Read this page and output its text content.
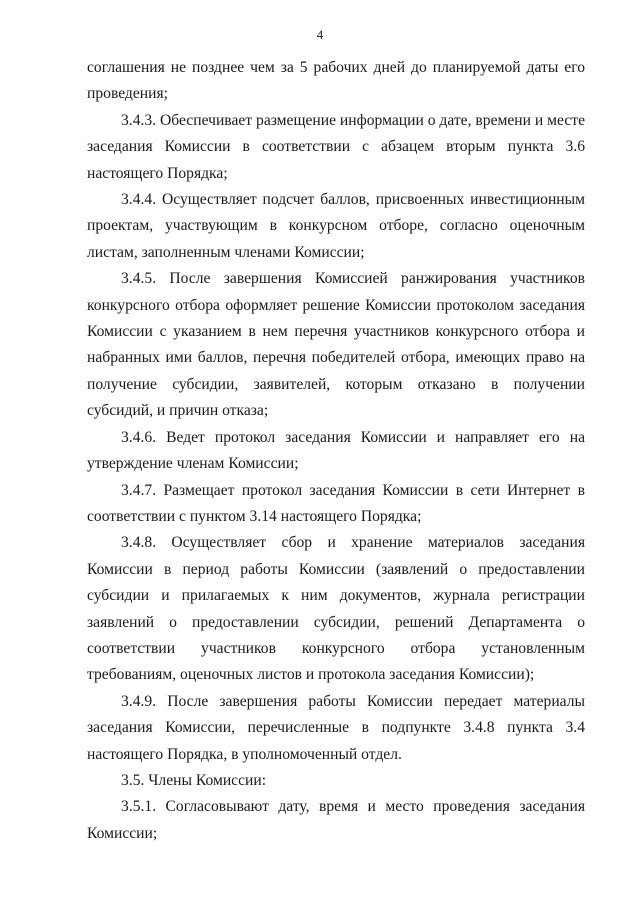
4

соглашения не позднее чем за 5 рабочих дней до планируемой даты его проведения;

3.4.3. Обеспечивает размещение информации о дате, времени и месте заседания Комиссии в соответствии с абзацем вторым пункта 3.6 настоящего Порядка;

3.4.4. Осуществляет подсчет баллов, присвоенных инвестиционным проектам, участвующим в конкурсном отборе, согласно оценочным листам, заполненным членами Комиссии;

3.4.5. После завершения Комиссией ранжирования участников конкурсного отбора оформляет решение Комиссии протоколом заседания Комиссии с указанием в нем перечня участников конкурсного отбора и набранных ими баллов, перечня победителей отбора, имеющих право на получение субсидии, заявителей, которым отказано в получении субсидий, и причин отказа;

3.4.6. Ведет протокол заседания Комиссии и направляет его на утверждение членам Комиссии;

3.4.7. Размещает протокол заседания Комиссии в сети Интернет в соответствии с пунктом 3.14 настоящего Порядка;

3.4.8. Осуществляет сбор и хранение материалов заседания Комиссии в период работы Комиссии (заявлений о предоставлении субсидии и прилагаемых к ним документов, журнала регистрации заявлений о предоставлении субсидии, решений Департамента о соответствии участников конкурсного отбора установленным требованиям, оценочных листов и протокола заседания Комиссии);

3.4.9. После завершения работы Комиссии передает материалы заседания Комиссии, перечисленные в подпункте 3.4.8 пункта 3.4 настоящего Порядка, в уполномоченный отдел.

3.5. Члены Комиссии:

3.5.1. Согласовывают дату, время и место проведения заседания Комиссии;
